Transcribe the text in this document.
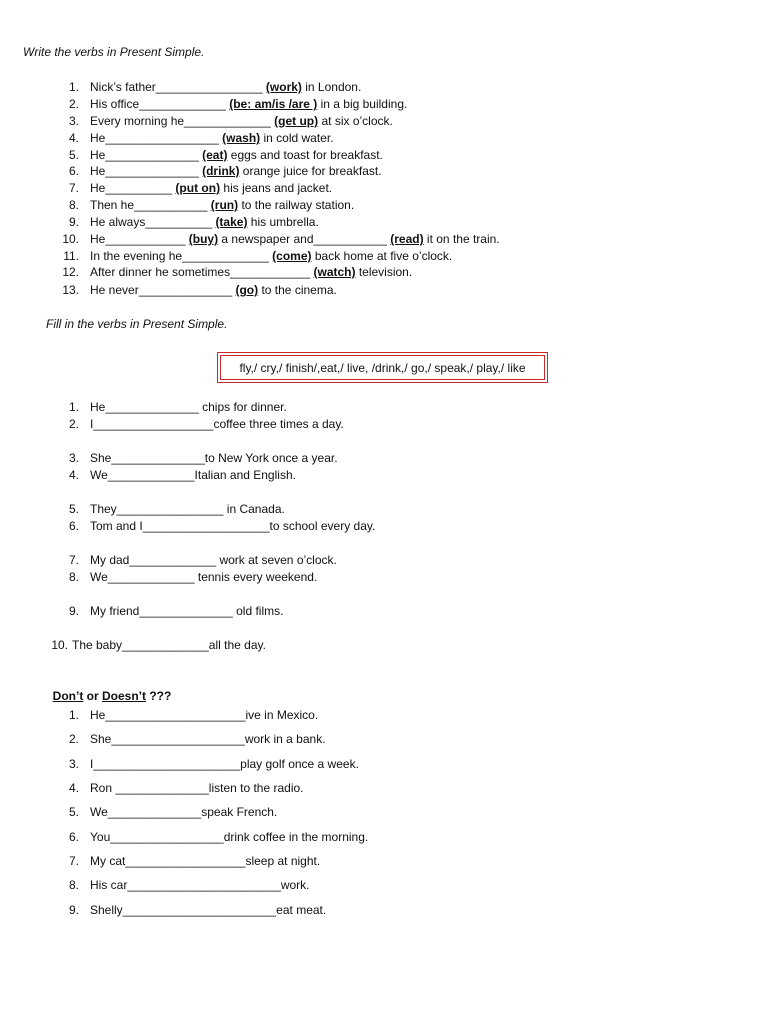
Write the verbs in Present Simple.
1. Nick’s father________________ (work) in London.
2. His office_____________ (be: am/is /are ) in a big building.
3. Every morning he_____________ (get up) at six o’clock.
4. He_________________ (wash) in cold water.
5. He______________ (eat) eggs and toast for breakfast.
6. He______________ (drink) orange juice for breakfast.
7. He__________ (put on) his jeans and jacket.
8. Then he___________ (run) to the railway station.
9. He always__________ (take) his umbrella.
10. He____________ (buy) a newspaper and___________ (read) it on the train.
11. In the evening he_____________ (come) back home at five o’clock.
12. After dinner he sometimes____________ (watch) television.
13. He never______________ (go) to the cinema.
Fill in the verbs in Present Simple.
fly,/ cry,/ finish/,eat,/ live, /drink,/ go,/ speak,/ play,/ like
1. He______________ chips for dinner.
2. I__________________coffee three times a day.
3. She______________to New York once a year.
4. We_____________Italian and English.
5. They________________ in Canada.
6. Tom and I___________________to school every day.
7. My dad_____________ work at seven o’clock.
8. We_____________ tennis every weekend.
9. My friend______________ old films.
10. The baby_____________all the day.

Don’t or Doesn’t ???

1. He_____________________ive in Mexico.
2. She____________________work in a bank.
3. I______________________play golf once a week.
4. Ron ______________listen to the radio.
5. We______________speak French.
6. You_________________drink coffee in the morning.
7. My cat__________________sleep at night.
8. His car_______________________work.
9. Shelly_______________________eat meat.
